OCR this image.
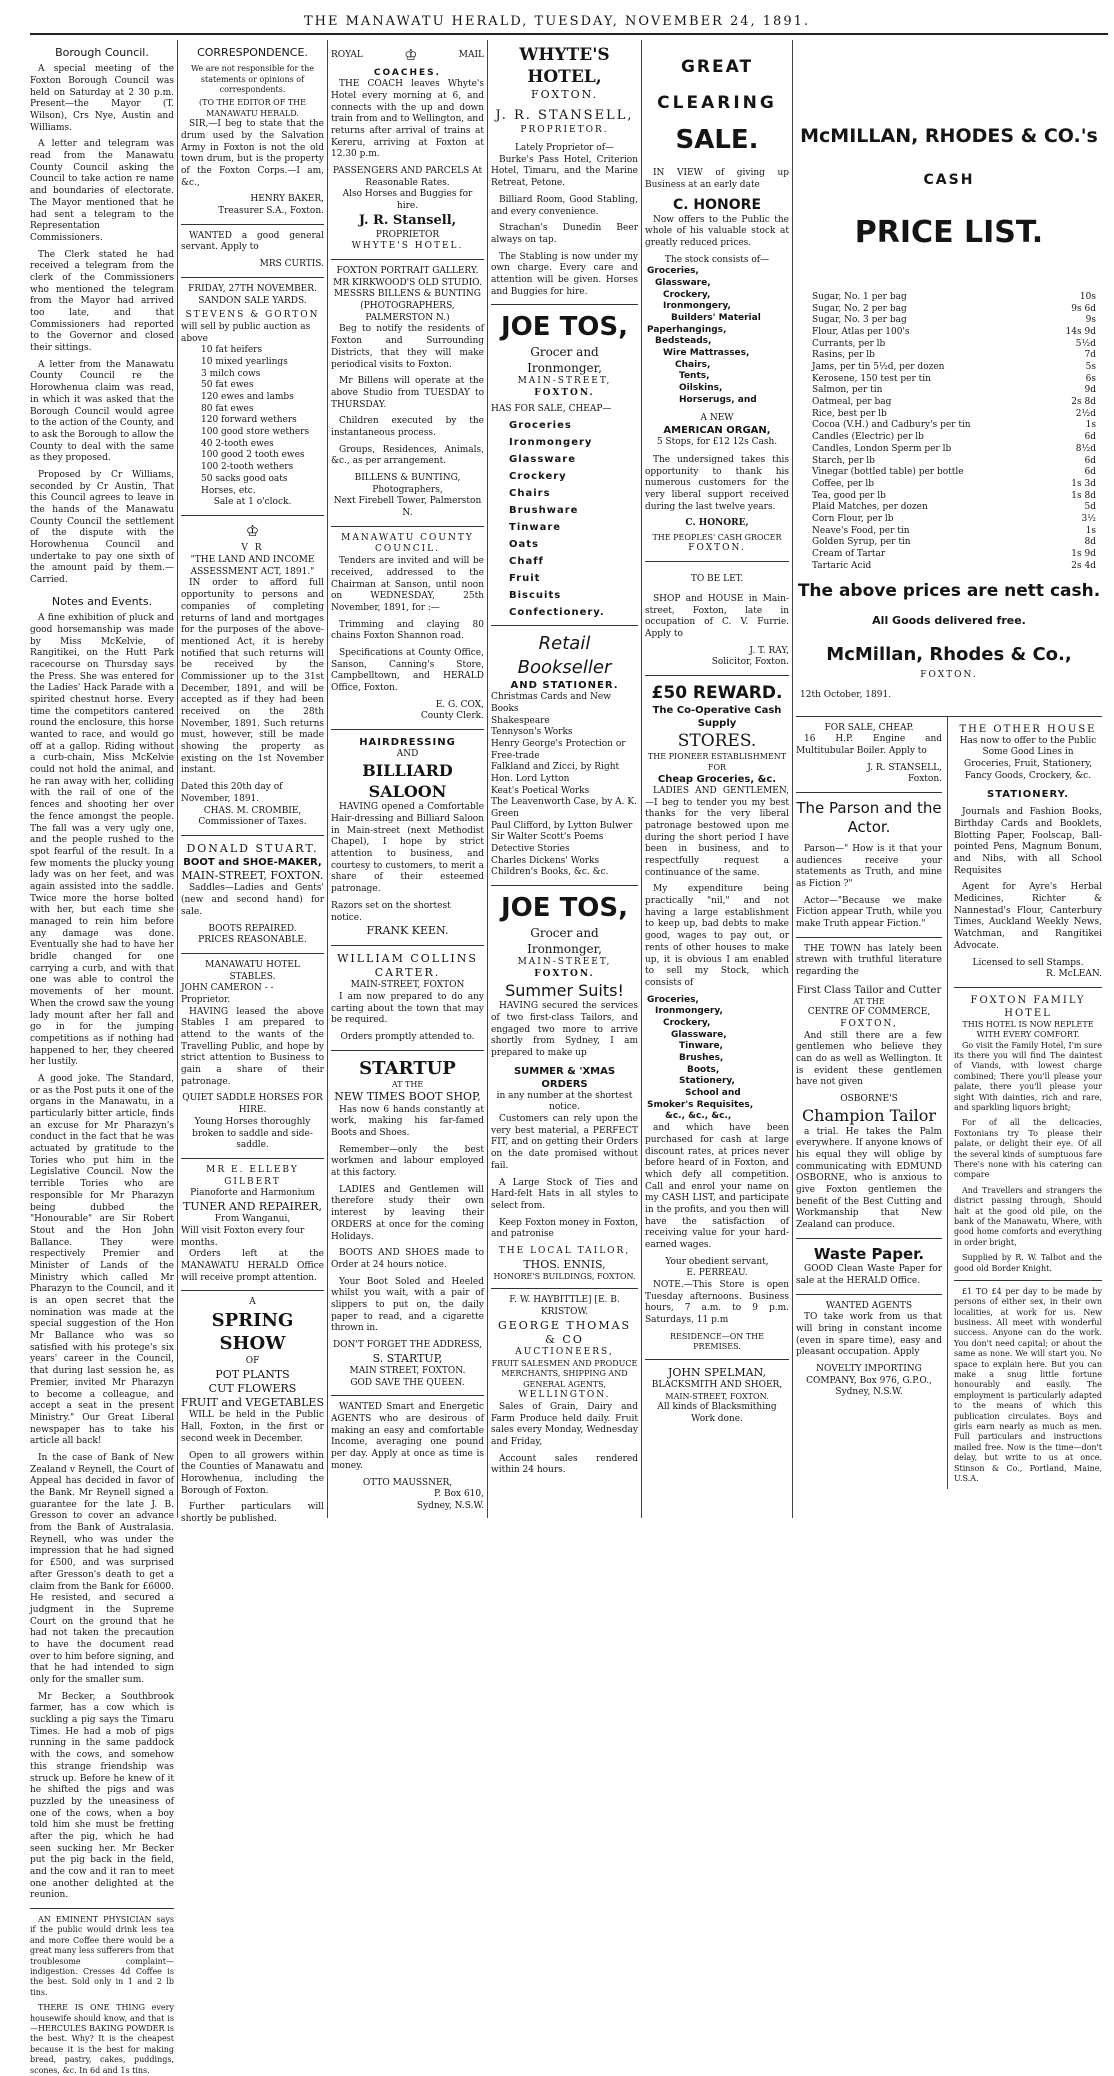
THE MANAWATU HERALD, TUESDAY, NOVEMBER 24, 1891.
Borough Council.

A special meeting of the Foxton Borough Council was held on Saturday at 2 30 p.m. Present—the Mayor (T. Wilson), Crs Nye, Austin and Williams.

A letter and telegram was read from the Manawatu County Council asking the Council to take action re name and boundaries of electorate. The Mayor mentioned that he had sent a telegram to the Representation Commissioners.

The Clerk stated he had received a telegram from the clerk of the Commissioners who mentioned the telegram from the Mayor had arrived too late, and that Commissioners had reported to the Governor and closed their sittings.

A letter from the Manawatu County Council re the Horowhenua claim was read, in which it was asked that the Borough Council would agree to the action of the County, and to ask the Borough to allow the County to deal with the same as they proposed.

Proposed by Cr Williams, seconded by Cr Austin, That this Council agrees to leave in the hands of the Manawatu County Council the settlement of the dispute with the Horowhenua Council and undertake to pay one sixth of the amount paid by them.—Carried.

Notes and Events.

A fine exhibition of pluck and good horsemanship was made by Miss McKelvie, of Rangitikei, on the Hutt Park racecourse on Thursday says the Press. She was entered for the Ladies' Hack Parade with a spirited chestnut horse. Every time the competitors cantered round the enclosure, this horse wanted to race, and would go off at a gallop. Riding without a curb-chain, Miss McKelvie could not hold the animal, and he ran away with her, colliding with the rail of one of the fences and shooting her over the fence amongst the people. The fall was a very ugly one, and the people rushed to the spot fearful of the result. In a few moments the plucky young lady was on her feet, and was again assisted into the saddle. Twice more the horse bolted with her, but each time she managed to rein him before any damage was done. Eventually she had to have her bridle changed for one carrying a curb, and with that one was able to control the movements of her mount. When the crowd saw the young lady mount after her fall and go in for the jumping competitions as if nothing had happened to her, they cheered her lustily.

A good joke. The Standard, or as the Post puts it one of the organs in the Manawatu, in a particularly bitter article, finds an excuse for Mr Pharazyn's conduct in the fact that he was actuated by gratitude to the Tories who put him in the Legislative Council. Now the terrible Tories who are responsible for Mr Pharazyn being dubbed the "Honourable" are Sir Robert Stout and the Hon John Ballance. They were respectively Premier and Minister of Lands of the Ministry which called Mr Pharazyn to the Council, and it is an open secret that the nomination was made at the special suggestion of the Hon Mr Ballance who was so satisfied with his protege's six years' career in the Council, that during last session he, as Premier, invited Mr Pharazyn to become a colleague, and accept a seat in the present Ministry." Our Great Liberal newspaper has to take his article all back!

In the case of Bank of New Zealand v Reynell, the Court of Appeal has decided in favor of the Bank. Mr Reynell signed a guarantee for the late J. B. Gresson to cover an advance from the Bank of Australasia. Reynell, who was under the impression that he had signed for £500, and was surprised after Gresson's death to get a claim from the Bank for £6000. He resisted, and secured a judgment in the Supreme Court on the ground that he had not taken the precaution to have the document read over to him before signing, and that he had intended to sign only for the smaller sum.

Mr Becker, a Southbrook farmer, has a cow which is suckling a pig says the Timaru Times. He had a mob of pigs running in the same paddock with the cows, and somehow this strange friendship was struck up. Before he knew of it he shifted the pigs and was puzzled by the uneasiness of one of the cows, when a boy told him she must be fretting after the pig, which he had seen sucking her. Mr Becker put the pig back in the field, and the cow and it ran to meet one another delighted at the reunion.

AN EMINENT PHYSICIAN says if the public would drink less tea and more Coffee there would be a great many less sufferers from that troublesome complaint—indigestion. Cresses 4d Coffee is the best. Sold only in 1 and 2 lb tins.

THERE IS ONE THING every housewife should know, and that is—HERCULES BAKING POWDER is the best. Why? It is the cheapest because it is the best for making bread, pastry, cakes, puddings, scones, &c. In 6d and 1s tins.

CORRESPONDENCE.
We are not responsible for the statements or opinions of correspondents.
(TO THE EDITOR OF THE MANAWATU HERALD.

SIR,—I beg to state that the drum used by the Salvation Army in Foxton is not the old town drum, but is the property of the Foxton Corps.—I am, &c.,

HENRY BAKER,
Treasurer S.A., Foxton.

WANTED a good general servant. Apply to

MRS CURTIS.
FRIDAY, 27TH NOVEMBER.
SANDON SALE YARDS.
STEVENS & GORTON
will sell by public auction as above
10 fat heifers
10 mixed yearlings
3 milch cows
50 fat ewes
120 ewes and lambs
80 fat ewes
120 forward wethers
100 good store wethers
40 2-tooth ewes
100 good 2 tooth ewes
100 2-tooth wethers
50 sacks good oats
Horses, etc.
Sale at 1 o'clock.
♔
V R
"THE LAND AND INCOME ASSESSMENT ACT, 1891."

IN order to afford full opportunity to persons and companies of completing returns of land and mortgages for the purposes of the above-mentioned Act, it is hereby notified that such returns will be received by the Commissioner up to the 31st December, 1891, and will be accepted as if they had been received on the 28th November, 1891. Such returns must, however, still be made showing the property as existing on the 1st November instant.

Dated this 20th day of November, 1891.
CHAS. M. CROMBIE,
Commissioner of Taxes.
DONALD STUART.
BOOT and SHOE-MAKER,
MAIN-STREET, FOXTON.

Saddles—Ladies and Gents' (new and second hand) for sale.

BOOTS REPAIRED.
PRICES REASONABLE.
MANAWATU HOTEL STABLES.
JOHN CAMERON - - Proprietor.

HAVING leased the above Stables I am prepared to attend to the wants of the Travelling Public, and hope by strict attention to Business to gain a share of their patronage.

QUIET SADDLE HORSES FOR HIRE.
Young Horses thoroughly broken to saddle and side-saddle.
MR E. ELLEBY GILBERT
Pianoforte and Harmonium
TUNER AND REPAIRER,
From Wanganui,
Will visit Foxton every four months.

Orders left at the MANAWATU HERALD Office will receive prompt attention.

A
SPRING SHOW
OF
POT PLANTS
CUT FLOWERS
FRUIT and VEGETABLES

WILL be held in the Public Hall, Foxton, in the first or second week in December.

Open to all growers within the Counties of Manawatu and Horowhenua, including the Borough of Foxton.

Further particulars will shortly be published.

ROYAL	♔	MAIL
COACHES.

THE COACH leaves Whyte's Hotel every morning at 6, and connects with the up and down train from and to Wellington, and returns after arrival of trains at Kereru, arriving at Foxton at 12.30 p.m.

PASSENGERS AND PARCELS At Reasonable Rates.
Also Horses and Buggies for hire.
J. R. Stansell,
PROPRIETOR
WHYTE'S HOTEL.
FOXTON PORTRAIT GALLERY.
MR KIRKWOOD'S OLD STUDIO.
MESSRS BILLENS & BUNTING
(PHOTOGRAPHERS, PALMERSTON N.)

Beg to notify the residents of Foxton and Surrounding Districts, that they will make periodical visits to Foxton.

Mr Billens will operate at the above Studio from TUESDAY to THURSDAY.

Children executed by the instantaneous process.

Groups, Residences, Animals, &c., as per arrangement.

BILLENS & BUNTING, Photographers,
Next Firebell Tower, Palmerston N.
MANAWATU COUNTY COUNCIL.

Tenders are invited and will be received, addressed to the Chairman at Sanson, until noon on WEDNESDAY, 25th November, 1891, for :—

Trimming and claying 80 chains Foxton Shannon road.

Specifications at County Office, Sanson, Canning's Store, Campbelltown, and HERALD Office, Foxton.

E. G. COX,
County Clerk.
HAIRDRESSING
AND
BILLIARD SALOON

HAVING opened a Comfortable Hair-dressing and Billiard Saloon in Main-street (next Methodist Chapel), I hope by strict attention to business, and courtesy to customers, to merit a share of their esteemed patronage.

Razors set on the shortest notice.
FRANK KEEN.
WILLIAM COLLINS
CARTER.
MAIN-STREET, FOXTON

I am now prepared to do any carting about the town that may be required.

Orders promptly attended to.
STARTUP
AT THE
NEW TIMES BOOT SHOP,

Has now 6 hands constantly at work, making his far-famed Boots and Shoes.

Remember—only the best workmen and labour employed at this factory.

LADIES and Gentlemen will therefore study their own interest by leaving their ORDERS at once for the coming Holidays.

BOOTS AND SHOES made to Order at 24 hours notice.

Your Boot Soled and Heeled whilst you wait, with a pair of slippers to put on, the daily paper to read, and a cigarette thrown in.

DON'T FORGET THE ADDRESS,
S. STARTUP,
MAIN STREET, FOXTON.
GOD SAVE THE QUEEN.

WANTED Smart and Energetic AGENTS who are desirous of making an easy and comfortable Income, averaging one pound per day. Apply at once as time is money.

OTTO MAUSSNER,
P. Box 610,
Sydney, N.S.W.
WHYTE'S HOTEL,
FOXTON.
J. R. STANSELL,
PROPRIETOR.
Lately Proprietor of—

Burke's Pass Hotel, Criterion Hotel, Timaru, and the Marine Retreat, Petone.

Billiard Room, Good Stabling, and every convenience.

Strachan's Dunedin Beer always on tap.

The Stabling is now under my own charge. Every care and attention will be given. Horses and Buggies for hire.

JOE TOS,
Grocer and Ironmonger,
MAIN-STREET,
FOXTON.
HAS FOR SALE, CHEAP—
Groceries
Ironmongery
Glassware
Crockery
Chairs
Brushware
Tinware
Oats
Chaff
Fruit
Biscuits
Confectionery.
Retail Bookseller
AND STATIONER.
Christmas Cards and New Books
Shakespeare
Tennyson's Works
Henry George's Protection or Free-trade
Falkland and Zicci, by Right Hon. Lord Lytton
Keat's Poetical Works
The Leavenworth Case, by A. K. Green
Paul Clifford, by Lytton Bulwer
Sir Walter Scott's Poems
Detective Stories
Charles Dickens' Works
Children's Books, &c. &c.
JOE TOS,
Grocer and Ironmonger,
MAIN-STREET,
FOXTON.
Summer Suits!

HAVING secured the services of two first-class Tailors, and engaged two more to arrive shortly from Sydney, I am prepared to make up

SUMMER & 'XMAS ORDERS
in any number at the shortest notice.

Customers can rely upon the very best material, a PERFECT FIT, and on getting their Orders on the date promised without fail.

A Large Stock of Ties and Hard-felt Hats in all styles to select from.

Keep Foxton money in Foxton, and patronise

THE LOCAL TAILOR,
THOS. ENNIS,
HONORE'S BUILDINGS, FOXTON.
F. W. HAYBITTLE] [E. B. KRISTOW.
GEORGE THOMAS & CO
AUCTIONEERS,
FRUIT SALESMEN AND PRODUCE MERCHANTS, SHIPPING AND GENERAL AGENTS,
WELLINGTON.

Sales of Grain, Dairy and Farm Produce held daily. Fruit sales every Monday, Wednesday and Friday,

Account sales rendered within 24 hours.

GREAT
CLEARING
SALE.

IN VIEW of giving up Business at an early date

C. HONORE

Now offers to the Public the whole of his valuable stock at greatly reduced prices.

The stock consists of—
Groceries,
Glassware,
Crockery,
Ironmongery,
Builders' Material
Paperhangings,
Bedsteads,
Wire Mattrasses,
Chairs,
Tents,
Oilskins,
Horserugs, and
A NEW
AMERICAN ORGAN,
5 Stops, for £12 12s Cash.

The undersigned takes this opportunity to thank his numerous customers for the very liberal support received during the last twelve years.

C. HONORE,
THE PEOPLES' CASH GROCER
FOXTON.
TO BE LET.

SHOP and HOUSE in Main-street, Foxton, late in occupation of C. V. Furrie. Apply to

J. T. RAY,
Solicitor, Foxton.
£50 REWARD.
The Co-Operative Cash Supply
STORES.
THE PIONEER ESTABLISHMENT
FOR
Cheap Groceries, &c.

LADIES AND GENTLEMEN,—I beg to tender you my best thanks for the very liberal patronage bestowed upon me during the short period I have been in business, and to respectfully request a continuance of the same.

My expenditure being practically "nil," and not having a large establishment to keep up, bad debts to make good, wages to pay out, or rents of other houses to make up, it is obvious I am enabled to sell my Stock, which consists of

Groceries,
Ironmongery,
Crockery,
Glassware,
Tinware,
Brushes,
Boots,
Stationery,
School and
Smoker's Requisites,
&c., &c., &c.,

and which have been purchased for cash at large discount rates, at prices never before heard of in Foxton, and which defy all competition. Call and enrol your name on my CASH LIST, and participate in the profits, and you then will have the satisfaction of receiving value for your hard-earned wages.

Your obedient servant,
E. PERREAU.

NOTE.—This Store is open Tuesday afternoons. Business hours, 7 a.m. to 9 p.m. Saturdays, 11 p.m

RESIDENCE—ON THE PREMISES.
JOHN SPELMAN,
BLACKSMITH AND SHOER,
MAIN-STREET, FOXTON.
All kinds of Blacksmithing Work done.
McMILLAN, RHODES & CO.'s
CASH
PRICE LIST.
Sugar, No. 1 per bag	10s
Sugar, No. 2 per bag	9s 6d
Sugar, No. 3 per bag	9s
Flour, Atlas per 100's	14s 9d
Currants, per lb	5½d
Rasins, per lb	7d
Jams, per tin 5½d, per dozen	5s
Kerosene, 150 test per tin	6s
Salmon, per tin	9d
Oatmeal, per bag	2s 8d
Rice, best per lb	2½d
Cocoa (V.H.) and Cadbury's per tin	1s
Candles (Electric) per lb	6d
Candles, London Sperm per lb	8½d
Starch, per lb	6d
Vinegar (bottled table) per bottle	6d
Coffee, per lb	1s 3d
Tea, good per lb	1s 8d
Plaid Matches, per dozen	5d
Corn Flour, per lb	3½
Neave's Food, per tin	1s
Golden Syrup, per tin	8d
Cream of Tartar	1s 9d
Tartaric Acid	2s 4d
The above prices are nett cash.
All Goods delivered free.
McMillan, Rhodes & Co.,
FOXTON.
12th October, 1891.
FOR SALE, CHEAP.

16 H.P. Engine and Multitubular Boiler. Apply to

J. R. STANSELL,
Foxton.
The Parson and the Actor.

Parson—" How is it that your audiences receive your statements as Truth, and mine as Fiction ?"

Actor—"Because we make Fiction appear Truth, while you make Truth appear Fiction."

THE TOWN has lately been strewn with truthful literature regarding the

First Class Tailor and Cutter
AT THE
CENTRE OF COMMERCE,
FOXTON,

And still there are a few gentlemen who believe they can do as well as Wellington. It is evident these gentlemen have not given

OSBORNE'S
Champion Tailor

a trial. He takes the Palm everywhere. If anyone knows of his equal they will oblige by communicating with EDMUND OSBORNE, who is anxious to give Foxton gentlemen the benefit of the Best Cutting and Workmanship that New Zealand can produce.

Waste Paper.

GOOD Clean Waste Paper for sale at the HERALD Office.

WANTED AGENTS

TO take work from us that will bring in constant income (even in spare time), easy and pleasant occupation. Apply

NOVELTY IMPORTING COMPANY, Box 976, G.P.O., Sydney, N.S.W.
THE OTHER HOUSE
Has now to offer to the Public
Some Good Lines in
Groceries, Fruit, Stationery, Fancy Goods, Crockery, &c.
STATIONERY.

Journals and Fashion Books, Birthday Cards and Booklets, Blotting Paper, Foolscap, Ball-pointed Pens, Magnum Bonum, and Nibs, with all School Requisites

Agent for Ayre's Herbal Medicines, Richter & Nannestad's Flour, Canterbury Times, Auckland Weekly News, Watchman, and Rangitikei Advocate.

Licensed to sell Stamps.
R. McLEAN.
FOXTON FAMILY HOTEL
THIS HOTEL IS NOW REPLETE WITH EVERY COMFORT.

Go visit the Family Hotel, I'm sure its there you will find The daintest of Viands, with lowest charge combined; There you'll please your palate, there you'll please your sight With dainties, rich and rare, and sparkling liquors bright;

For of all the delicacies, Foxtonians try To please their palate, or delight their eye. Of all the several kinds of sumptuous fare There's none with his catering can compare

And Travellers and strangers the district passing through, Should halt at the good old pile, on the bank of the Manawatu, Where, with good home comforts and everything in order bright,

Supplied by R. W. Talbot and the good old Border Knight.

£1 TO £4 per day to be made by persons of either sex, in their own localities, at work for us. New business. All meet with wonderful success. Anyone can do the work. You don't need capital; or about the same as none. We will start you. No space to explain here. But you can make a snug little fortune honourably and easily. The employment is particularly adapted to the means of which this publication circulates. Boys and girls earn nearly as much as men. Full particulars and instructions mailed free. Now is the time—don't delay, but write to us at once. Stinson & Co., Portland, Maine, U.S.A.
